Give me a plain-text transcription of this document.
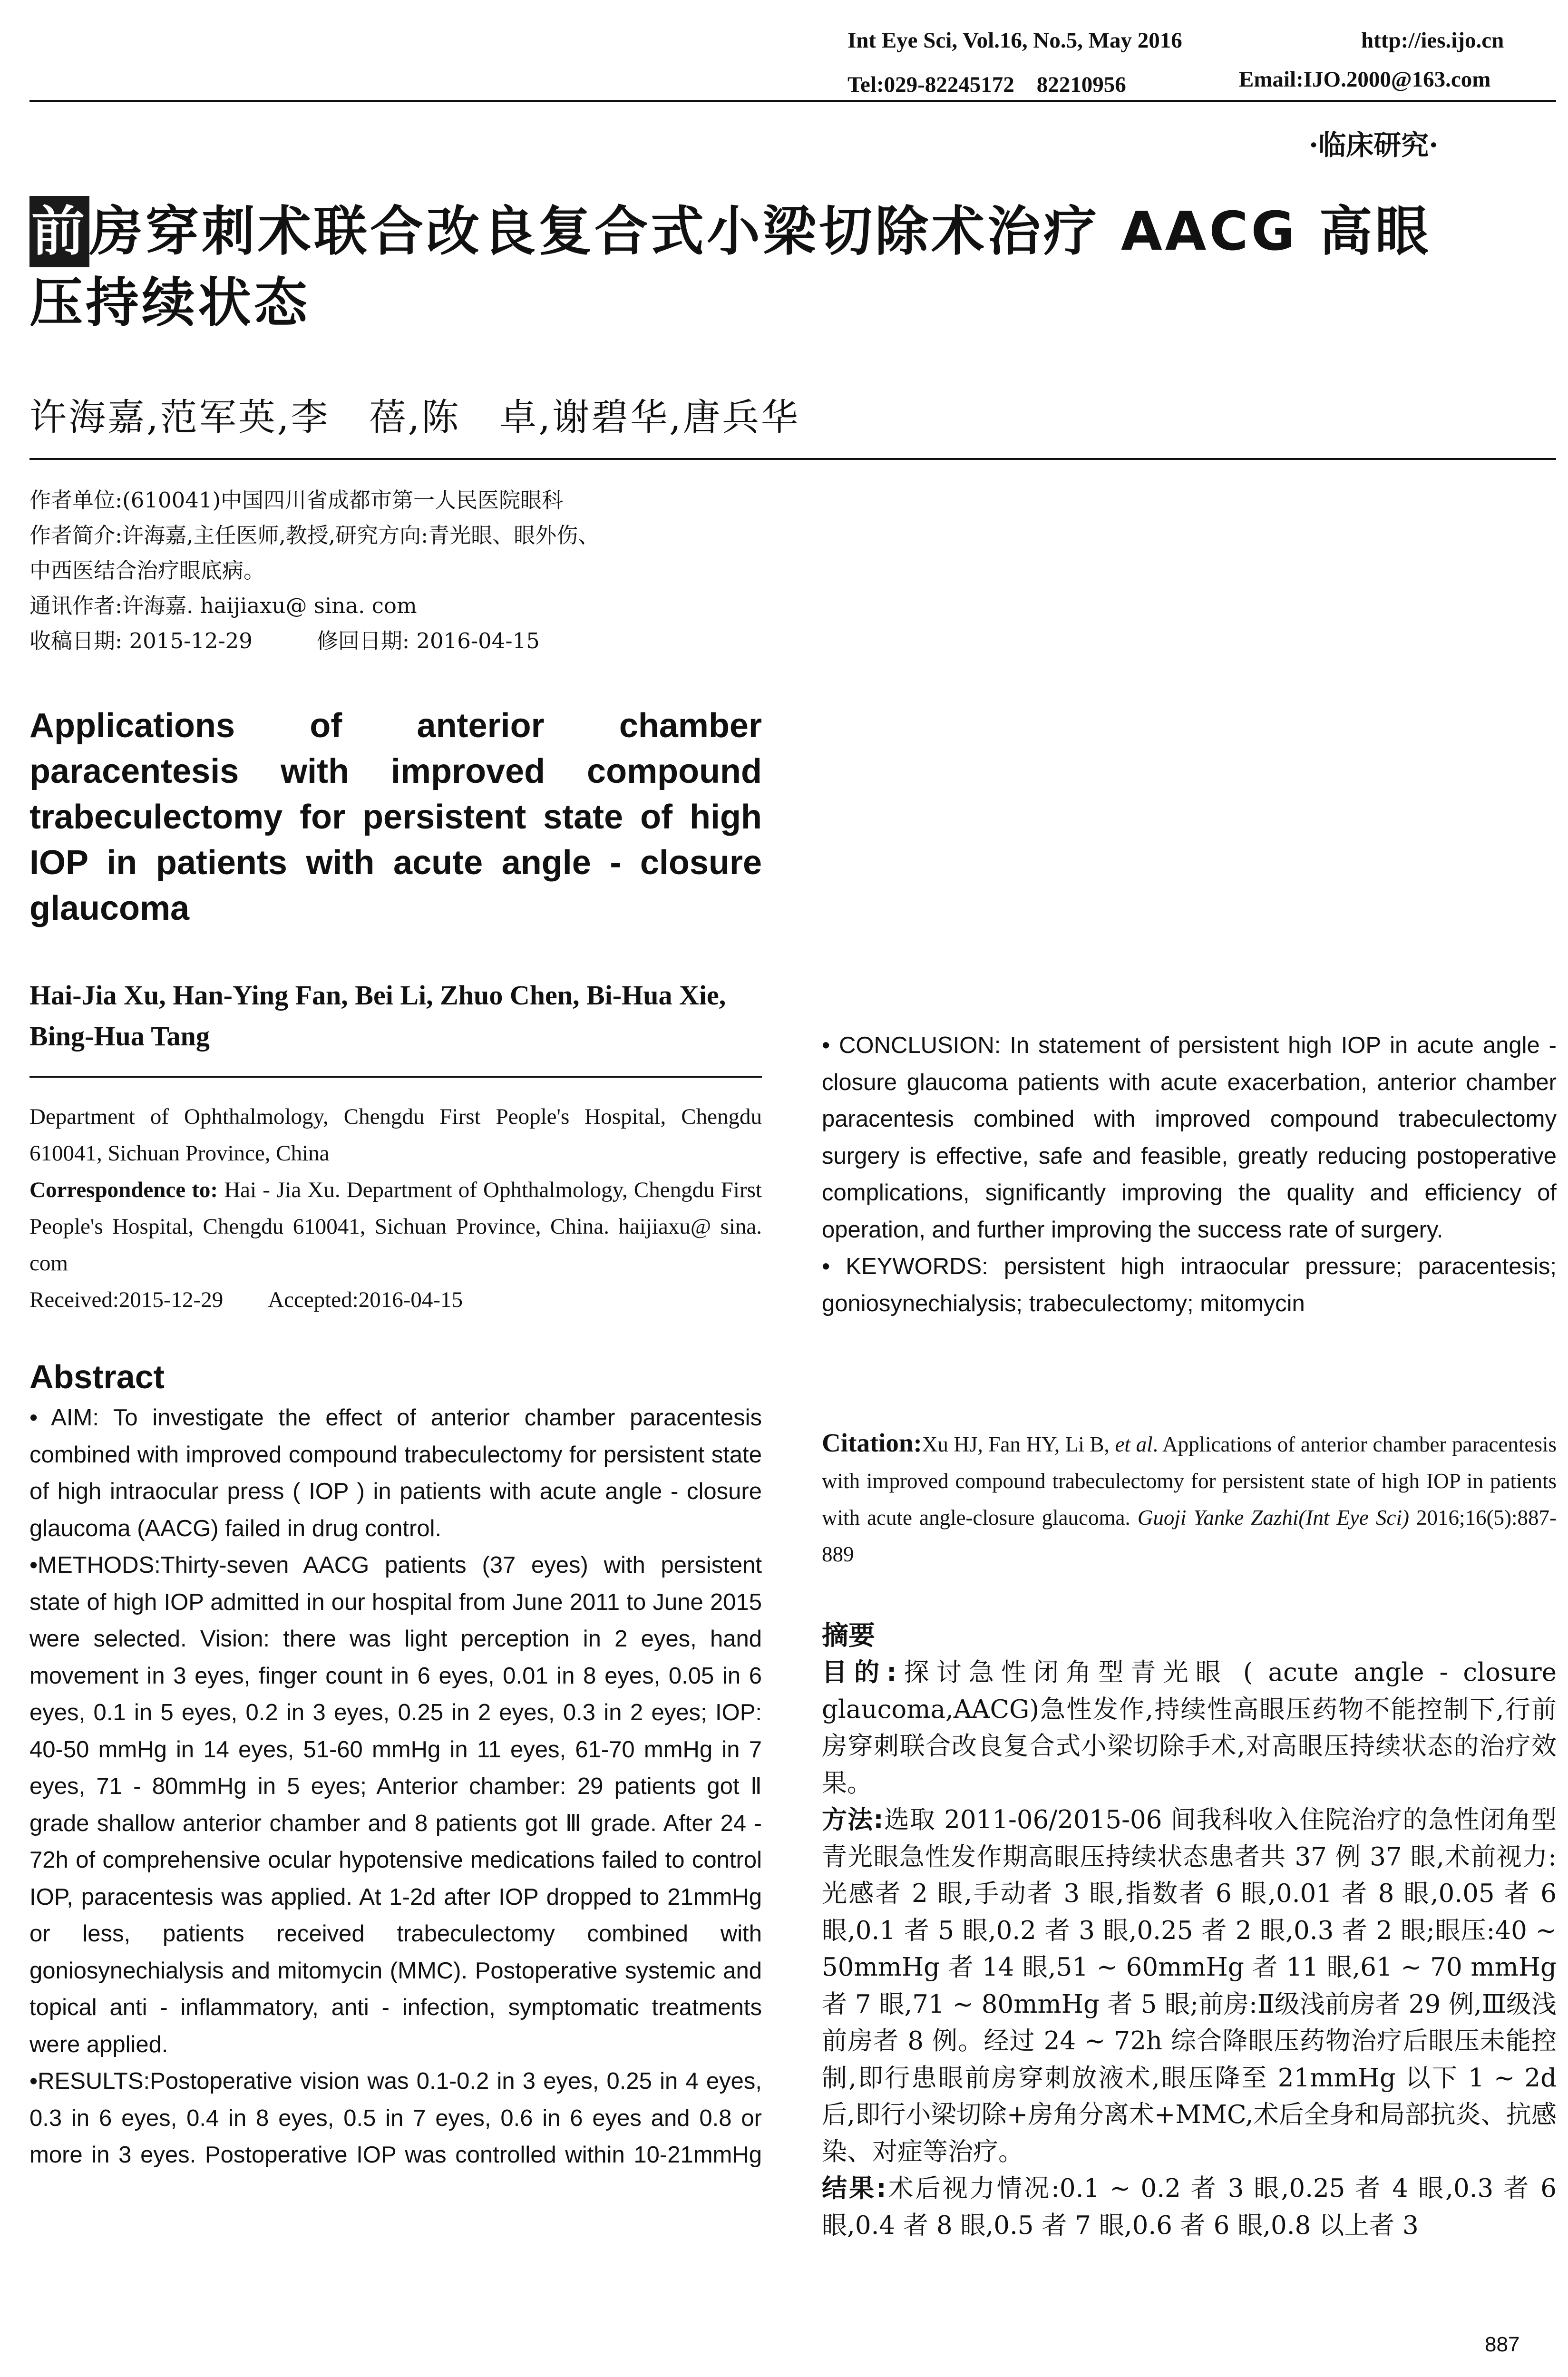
Int Eye Sci, Vol.16, No.5, May 2016	http://ies.ijo.cn
Tel:029-82245172　82210956	Email:IJO.2000@163.com
·临床研究·
前房穿刺术联合改良复合式小梁切除术治疗 AACG 高眼
压持续状态
许海嘉,范军英,李　蓓,陈　卓,谢碧华,唐兵华
作者单位:(610041)中国四川省成都市第一人民医院眼科
作者简介:许海嘉,主任医师,教授,研究方向:青光眼、眼外伤、
中西医结合治疗眼底病。
通讯作者:许海嘉. haijiaxu@ sina. com
收稿日期: 2015-12-29　　　修回日期: 2016-04-15
Applications of anterior chamber paracentesis with improved compound trabeculectomy for persistent state of high IOP in patients with acute angle - closure glaucoma
Hai-Jia Xu, Han-Ying Fan, Bei Li, Zhuo Chen, Bi-Hua Xie, Bing-Hua Tang
Department of Ophthalmology, Chengdu First People's Hospital, Chengdu 610041, Sichuan Province, China
Correspondence to: Hai - Jia Xu. Department of Ophthalmology, Chengdu First People's Hospital, Chengdu 610041, Sichuan Province, China. haijiaxu@ sina. com
Received:2015-12-29　　Accepted:2016-04-15
Abstract

• AIM: To investigate the effect of anterior chamber paracentesis combined with improved compound trabeculectomy for persistent state of high intraocular press ( IOP ) in patients with acute angle - closure glaucoma (AACG) failed in drug control.

•METHODS:Thirty-seven AACG patients (37 eyes) with persistent state of high IOP admitted in our hospital from June 2011 to June 2015 were selected. Vision: there was light perception in 2 eyes, hand movement in 3 eyes, finger count in 6 eyes, 0.01 in 8 eyes, 0.05 in 6 eyes, 0.1 in 5 eyes, 0.2 in 3 eyes, 0.25 in 2 eyes, 0.3 in 2 eyes; IOP: 40-50 mmHg in 14 eyes, 51-60 mmHg in 11 eyes, 61-70 mmHg in 7 eyes, 71 - 80mmHg in 5 eyes; Anterior chamber: 29 patients got Ⅱ grade shallow anterior chamber and 8 patients got Ⅲ grade. After 24 - 72h of comprehensive ocular hypotensive medications failed to control IOP, paracentesis was applied. At 1-2d after IOP dropped to 21mmHg or less, patients received trabeculectomy combined with goniosynechialysis and mitomycin (MMC). Postoperative systemic and topical anti - inflammatory, anti - infection, symptomatic treatments were applied.

•RESULTS:Postoperative vision was 0.1-0.2 in 3 eyes, 0.25 in 4 eyes, 0.3 in 6 eyes, 0.4 in 8 eyes, 0.5 in 7 eyes, 0.6 in 6 eyes and 0.8 or more in 3 eyes. Postoperative IOP was controlled within 10-21mmHg

• CONCLUSION: In statement of persistent high IOP in acute angle - closure glaucoma patients with acute exacerbation, anterior chamber paracentesis combined with improved compound trabeculectomy surgery is effective, safe and feasible, greatly reducing postoperative complications, significantly improving the quality and efficiency of operation, and further improving the success rate of surgery.

• KEYWORDS: persistent high intraocular pressure; paracentesis; goniosynechialysis; trabeculectomy; mitomycin

Citation:Xu HJ, Fan HY, Li B, et al. Applications of anterior chamber paracentesis with improved compound trabeculectomy for persistent state of high IOP in patients with acute angle-closure glaucoma. Guoji Yanke Zazhi(Int Eye Sci) 2016;16(5):887-889
摘要

目的:探讨急性闭角型青光眼 ( acute angle - closure glaucoma,AACG)急性发作,持续性高眼压药物不能控制下,行前房穿刺联合改良复合式小梁切除手术,对高眼压持续状态的治疗效果。

方法:选取 2011-06/2015-06 间我科收入住院治疗的急性闭角型青光眼急性发作期高眼压持续状态患者共 37 例 37 眼,术前视力:光感者 2 眼,手动者 3 眼,指数者 6 眼,0.01 者 8 眼,0.05 者 6 眼,0.1 者 5 眼,0.2 者 3 眼,0.25 者 2 眼,0.3 者 2 眼;眼压:40 ~ 50mmHg 者 14 眼,51 ~ 60mmHg 者 11 眼,61 ~ 70 mmHg 者 7 眼,71 ~ 80mmHg 者 5 眼;前房:Ⅱ级浅前房者 29 例,Ⅲ级浅前房者 8 例。经过 24 ~ 72h 综合降眼压药物治疗后眼压未能控制,即行患眼前房穿刺放液术,眼压降至 21mmHg 以下 1 ~ 2d 后,即行小梁切除+房角分离术+MMC,术后全身和局部抗炎、抗感染、对症等治疗。

结果:术后视力情况:0.1 ~ 0.2 者 3 眼,0.25 者 4 眼,0.3 者 6 眼,0.4 者 8 眼,0.5 者 7 眼,0.6 者 6 眼,0.8 以上者 3

887
